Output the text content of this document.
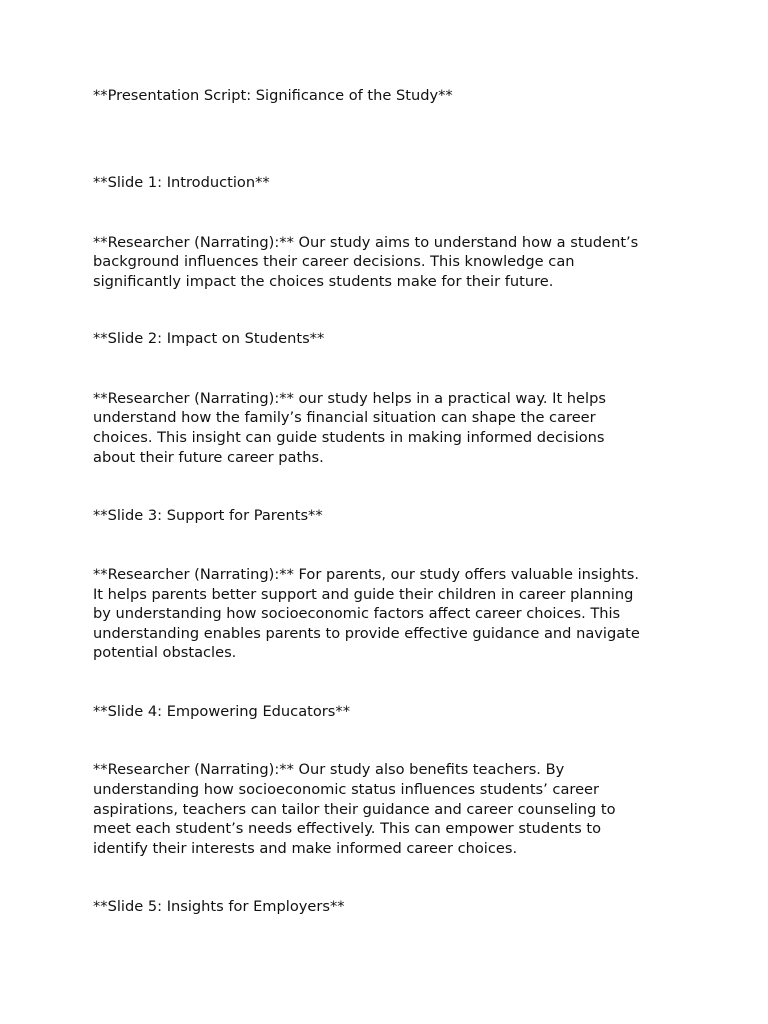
**Presentation Script: Significance of the Study**

**Slide 1: Introduction**

**Researcher (Narrating):** Our study aims to understand how a student’s

background influences their career decisions. This knowledge can

significantly impact the choices students make for their future.

**Slide 2: Impact on Students**

**Researcher (Narrating):** our study helps in a practical way. It helps

understand how the family’s financial situation can shape the career

choices. This insight can guide students in making informed decisions

about their future career paths.

**Slide 3: Support for Parents**

**Researcher (Narrating):** For parents, our study offers valuable insights.

It helps parents better support and guide their children in career planning

by understanding how socioeconomic factors affect career choices. This

understanding enables parents to provide effective guidance and navigate

potential obstacles.

**Slide 4: Empowering Educators**

**Researcher (Narrating):** Our study also benefits teachers. By

understanding how socioeconomic status influences students’ career

aspirations, teachers can tailor their guidance and career counseling to

meet each student’s needs effectively. This can empower students to

identify their interests and make informed career choices.

**Slide 5: Insights for Employers**
